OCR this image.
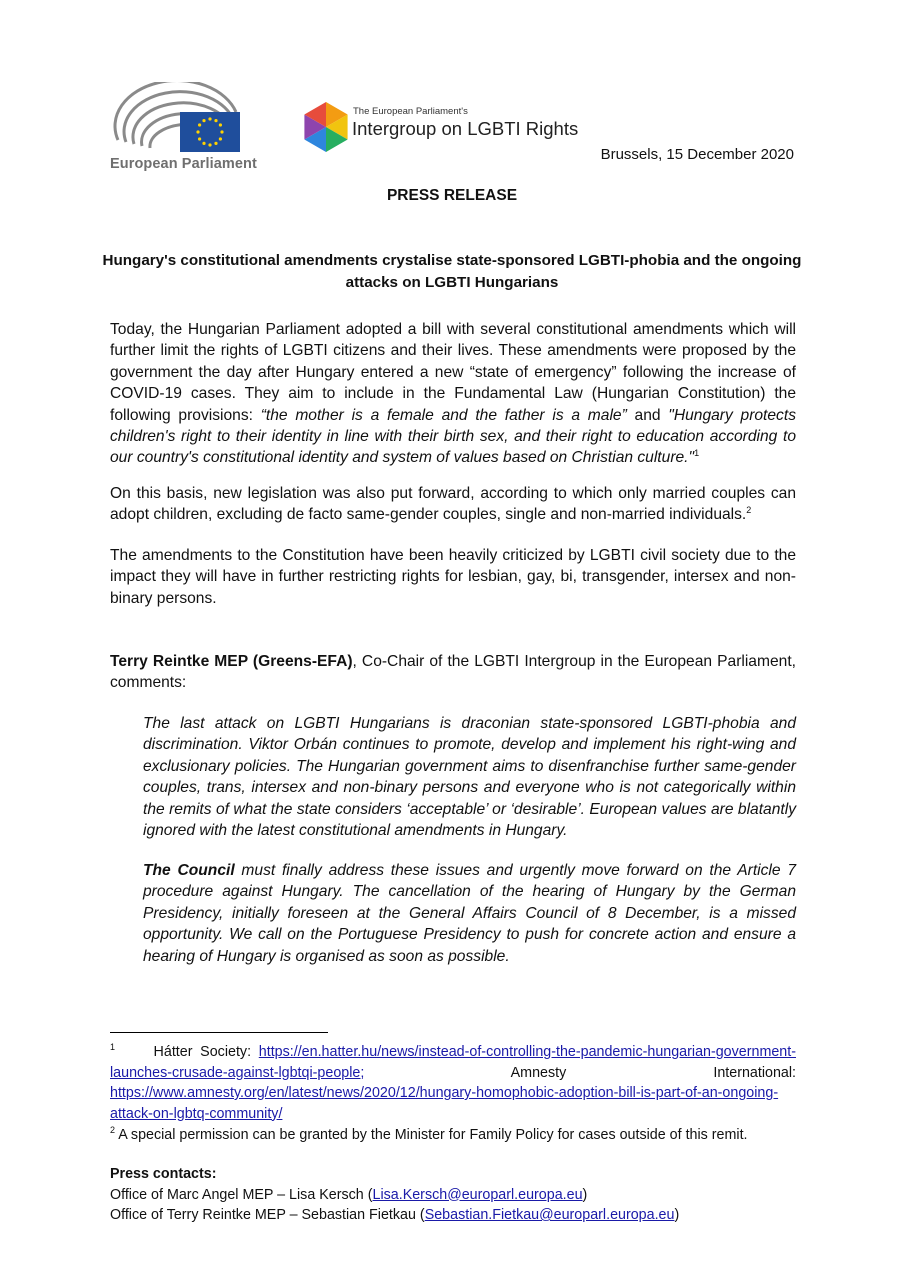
European Parliament
The European Parliament's
Intergroup on LGBTI Rights
Brussels, 15 December 2020
PRESS RELEASE
Hungary's constitutional amendments crystalise state-sponsored LGBTI-phobia and the ongoing attacks on LGBTI Hungarians
Today, the Hungarian Parliament adopted a bill with several constitutional amendments which will further limit the rights of LGBTI citizens and their lives. These amendments were proposed by the government the day after Hungary entered a new “state of emergency” following the increase of COVID-19 cases. They aim to include in the Fundamental Law (Hungarian Constitution) the following provisions: “the mother is a female and the father is a male” and "Hungary protects children's right to their identity in line with their birth sex, and their right to education according to our country's constitutional identity and system of values based on Christian culture."$^1$
On this basis, new legislation was also put forward, according to which only married couples can adopt children, excluding de facto same-gender couples, single and non-married individuals.$^2$
The amendments to the Constitution have been heavily criticized by LGBTI civil society due to the impact they will have in further restricting rights for lesbian, gay, bi, transgender, intersex and non-binary persons.
Terry Reintke MEP (Greens-EFA), Co-Chair of the LGBTI Intergroup in the European Parliament, comments:
The last attack on LGBTI Hungarians is draconian state-sponsored LGBTI-phobia and discrimination. Viktor Orbán continues to promote, develop and implement his right-wing and exclusionary policies. The Hungarian government aims to disenfranchise further same-gender couples, trans, intersex and non-binary persons and everyone who is not categorically within the remits of what the state considers ‘acceptable’ or ‘desirable’. European values are blatantly ignored with the latest constitutional amendments in Hungary.
The Council must finally address these issues and urgently move forward on the Article 7 procedure against Hungary. The cancellation of the hearing of Hungary by the German Presidency, initially foreseen at the General Affairs Council of 8 December, is a missed opportunity. We call on the Portuguese Presidency to push for concrete action and ensure a hearing of Hungary is organised as soon as possible.
$^1$	Hátter Society: https://en.hatter.hu/news/instead-of-controlling-the-pandemic-hungarian-government-launches-crusade-against-lgbtqi-people;	Amnesty International: https://www.amnesty.org/en/latest/news/2020/12/hungary-homophobic-adoption-bill-is-part-of-an-ongoing-attack-on-lgbtq-community/
$^2$ A special permission can be granted by the Minister for Family Policy for cases outside of this remit.
Press contacts:
Office of Marc Angel MEP – Lisa Kersch (Lisa.Kersch@europarl.europa.eu)
Office of Terry Reintke MEP – Sebastian Fietkau (Sebastian.Fietkau@europarl.europa.eu)
